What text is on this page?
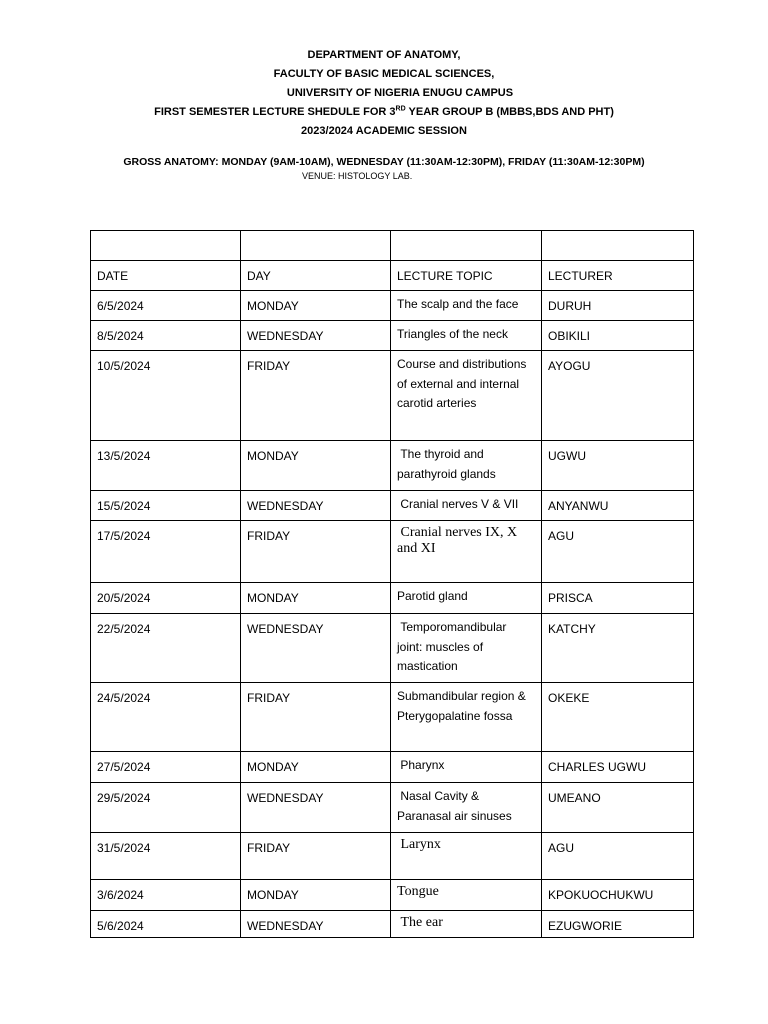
DEPARTMENT OF ANATOMY,
FACULTY OF BASIC MEDICAL SCIENCES,
UNIVERSITY OF NIGERIA ENUGU CAMPUS
FIRST SEMESTER LECTURE SHEDULE FOR 3RD YEAR GROUP B (MBBS,BDS AND PHT)
2023/2024 ACADEMIC SESSION
GROSS ANATOMY: MONDAY (9AM-10AM), WEDNESDAY (11:30AM-12:30PM), FRIDAY (11:30AM-12:30PM)
VENUE: HISTOLOGY LAB.

DATE	DAY	LECTURE TOPIC	LECTURER
6/5/2024	MONDAY	The scalp and the face	DURUH
8/5/2024	WEDNESDAY	Triangles of the neck	OBIKILI
10/5/2024	FRIDAY	Course and distributions of external and internal carotid arteries	AYOGU
13/5/2024	MONDAY	The thyroid and parathyroid glands	UGWU
15/5/2024	WEDNESDAY	Cranial nerves V & VII	ANYANWU
17/5/2024	FRIDAY	Cranial nerves IX, X and XI	AGU
20/5/2024	MONDAY	Parotid gland	PRISCA
22/5/2024	WEDNESDAY	Temporomandibular joint: muscles of mastication	KATCHY
24/5/2024	FRIDAY	Submandibular region & Pterygopalatine fossa	OKEKE
27/5/2024	MONDAY	Pharynx	CHARLES UGWU
29/5/2024	WEDNESDAY	Nasal Cavity & Paranasal air sinuses	UMEANO
31/5/2024	FRIDAY	Larynx	AGU
3/6/2024	MONDAY	Tongue	KPOKUOCHUKWU
5/6/2024	WEDNESDAY	The ear	EZUGWORIE
